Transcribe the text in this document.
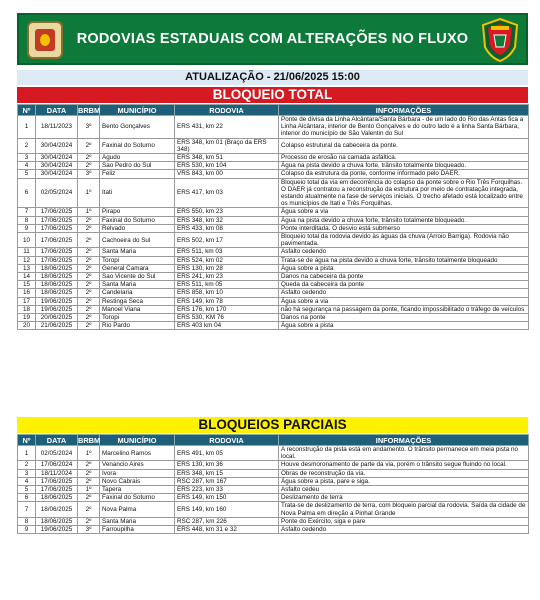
RODOVIAS ESTADUAIS COM ALTERAÇÕES NO FLUXO
ATUALIZAÇÃO - 21/06/2025 15:00
BLOQUEIO TOTAL
Nº	DATA	BRBM	MUNICÍPIO	RODOVIA	INFORMAÇÕES
1	18/11/2023	3º	Bento Gonçalves	ERS 431, km 22	Ponte de divisa da Linha Alcântara/Santa Bárbara - de um lado do Rio das Antas fica a Linha Alcântara, interior de Bento Gonçalves e do outro lado é a linha Santa Bárbara, interior do município de São Valentin do Sul
2	30/04/2024	2º	Faxinal do Soturno	ERS 348, km 01 (Braço da ERS 348)	Colapso estrutural da cabeceira da ponte.
3	30/04/2024	2º	Agudo	ERS 348, km 51	Processo de erosão na camada asfáltica.
4	30/04/2024	2º	Sao Pedro do Sul	ERS 530, km 104	Água na pista devido a chuva forte, trânsito totalmente bloqueado.
5	30/04/2024	3º	Feliz	VRS 843, km 00	Colapso da estrutura da ponte, conforme informado pelo DAER.
6	02/05/2024	1º	Itati	ERS 417, km 03	Bloqueio total da via em decorrência do colapso da ponte sobre o Rio Três Forquilhas. O DAER já contratou a reconstrução da estrutura por meio de contratação integrada, estando atualmente na fase de serviços iniciais. O trecho afetado está localizado entre os municípios de Itati e Três Forquilhas.
7	17/06/2025	1º	Pirapo	ERS 550, km 23	Água sobre a via
8	17/06/2025	2º	Faxinal do Soturno	ERS 348, km 32	Água na pista devido a chuva forte, trânsito totalmente bloqueado.
9	17/06/2025	2º	Relvado	ERS 433, km 08	Ponte interditada. O desvio está submerso
10	17/06/2025	2º	Cachoeira do Sul	ERS 502, km 17	Bloqueio total da rodovia devido às águas da chuva (Arroio Barriga). Rodovia não pavimentada.
11	17/06/2025	2º	Santa Maria	ERS 511, km 03	Asfalto cedendo
12	17/06/2025	2º	Toropi	ERS 524, km 02	Trata-se de água na pista devido a chuva forte, trânsito totalmente bloqueado
13	18/06/2025	2º	General Camara	ERS 130, km 28	Água sobre a pista
14	18/06/2025	2º	Sao Vicente do Sul	ERS 241, km 23	Danos na cabeceira da ponte
15	18/06/2025	2º	Santa Maria	ERS 511, km 05	Queda da cabeceira da ponte
16	18/06/2025	2º	Candelaria	ERS 858, km 10	Asfalto cedendo
17	19/06/2025	2º	Restinga Seca	ERS 149, km 78	Água sobre a via
18	19/06/2025	2º	Manoel Viana	ERS 176, km 170	não há segurança na passagem da ponte, ficando impossibilitado o tráfego de veículos
19	20/06/2025	2º	Toropi	ERS 530, KM 76	Danos na ponte
20	21/06/2025	2º	Rio Pardo	ERS 403 km 04	Água sobre a pista
BLOQUEIOS PARCIAIS
Nº	DATA	BRBM	MUNICÍPIO	RODOVIA	INFORMAÇÕES
1	02/05/2024	1º	Marcelino Ramos	ERS 491, km 05	A reconstrução da pista está em andamento. O trânsito permanece em meia pista no local.
2	17/06/2024	2º	Venancio Aires	ERS 130, km 36	Houve desmoronamento de parte da via, porém o trânsito segue fluindo no local.
3	18/11/2024	2º	Ivora	ERS 348, km 15	Obras de reconstrução da via.
4	17/06/2025	2º	Novo Cabrais	RSC 287, km 167	Água sobre a pista, pare e siga.
5	17/06/2025	1º	Tapera	ERS 223, km 33	Asfalto cedeu
6	18/06/2025	2º	Faxinal do Soturno	ERS 149, km 150	Deslizamento de terra
7	18/06/2025	2º	Nova Palma	ERS 149, km 160	Trata-se de deslizamento de terra, com bloqueio parcial da rodovia. Saída da cidade de Nova Palma em direção a Pinhal Grande
8	18/06/2025	2º	Santa Maria	RSC 287, km 226	Ponte do Exército, siga e pare
9	19/06/2025	3º	Farroupilha	ERS 448, km 31 e 32	Asfalto cedendo
